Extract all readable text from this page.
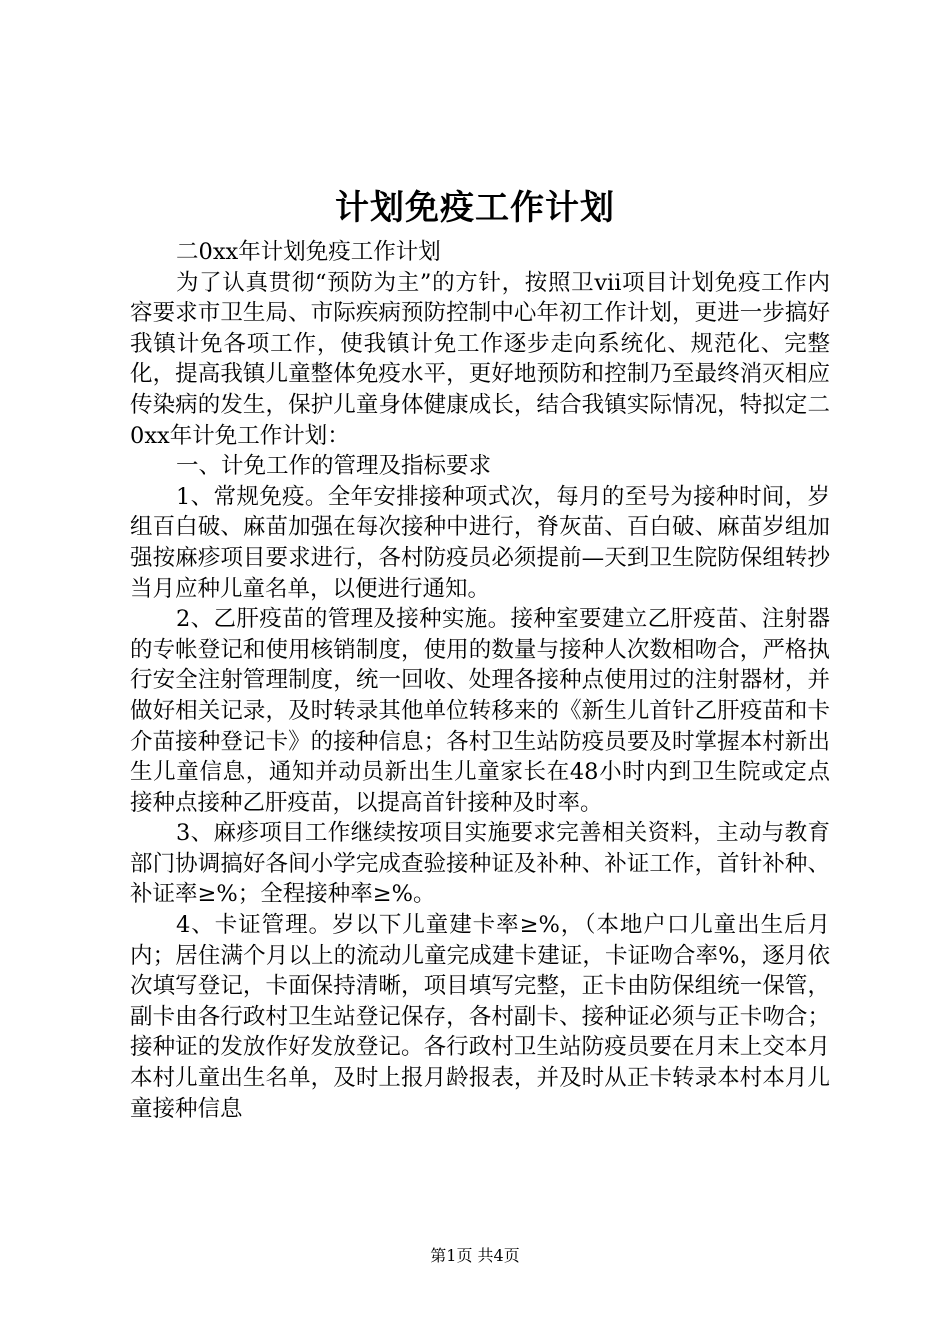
计划免疫工作计划

二0xx年计划免疫工作计划

为了认真贯彻“预防为主”的方针，按照卫vii项目计划免疫工作内容要求市卫生局、市际疾病预防控制中心年初工作计划，更进一步搞好我镇计免各项工作，使我镇计免工作逐步走向系统化、规范化、完整化，提高我镇儿童整体免疫水平，更好地预防和控制乃至最终消灭相应传染病的发生，保护儿童身体健康成长，结合我镇实际情况，特拟定二0xx年计免工作计划：

一、计免工作的管理及指标要求

1、常规免疫。全年安排接种项式次，每月的至号为接种时间，岁组百白破、麻苗加强在每次接种中进行，脊灰苗、百白破、麻苗岁组加强按麻疹项目要求进行，各村防疫员必须提前—天到卫生院防保组转抄当月应种儿童名单，以便进行通知。

2、乙肝疫苗的管理及接种实施。接种室要建立乙肝疫苗、注射器的专帐登记和使用核销制度，使用的数量与接种人次数相吻合，严格执行安全注射管理制度，统一回收、处理各接种点使用过的注射器材，并做好相关记录，及时转录其他单位转移来的《新生儿首针乙肝疫苗和卡介苗接种登记卡》的接种信息；各村卫生站防疫员要及时掌握本村新出生儿童信息，通知并动员新出生儿童家长在48小时内到卫生院或定点接种点接种乙肝疫苗，以提高首针接种及时率。

3、麻疹项目工作继续按项目实施要求完善相关资料，主动与教育部门协调搞好各间小学完成查验接种证及补种、补证工作，首针补种、补证率≥%；全程接种率≥%。

4、卡证管理。岁以下儿童建卡率≥%，（本地户口儿童出生后月内；居住满个月以上的流动儿童完成建卡建证，卡证吻合率%，逐月依次填写登记，卡面保持清晰，项目填写完整，正卡由防保组统一保管，副卡由各行政村卫生站登记保存，各村副卡、接种证必须与正卡吻合；接种证的发放作好发放登记。各行政村卫生站防疫员要在月末上交本月本村儿童出生名单，及时上报月龄报表，并及时从正卡转录本村本月儿童接种信息

第1页 共4页
